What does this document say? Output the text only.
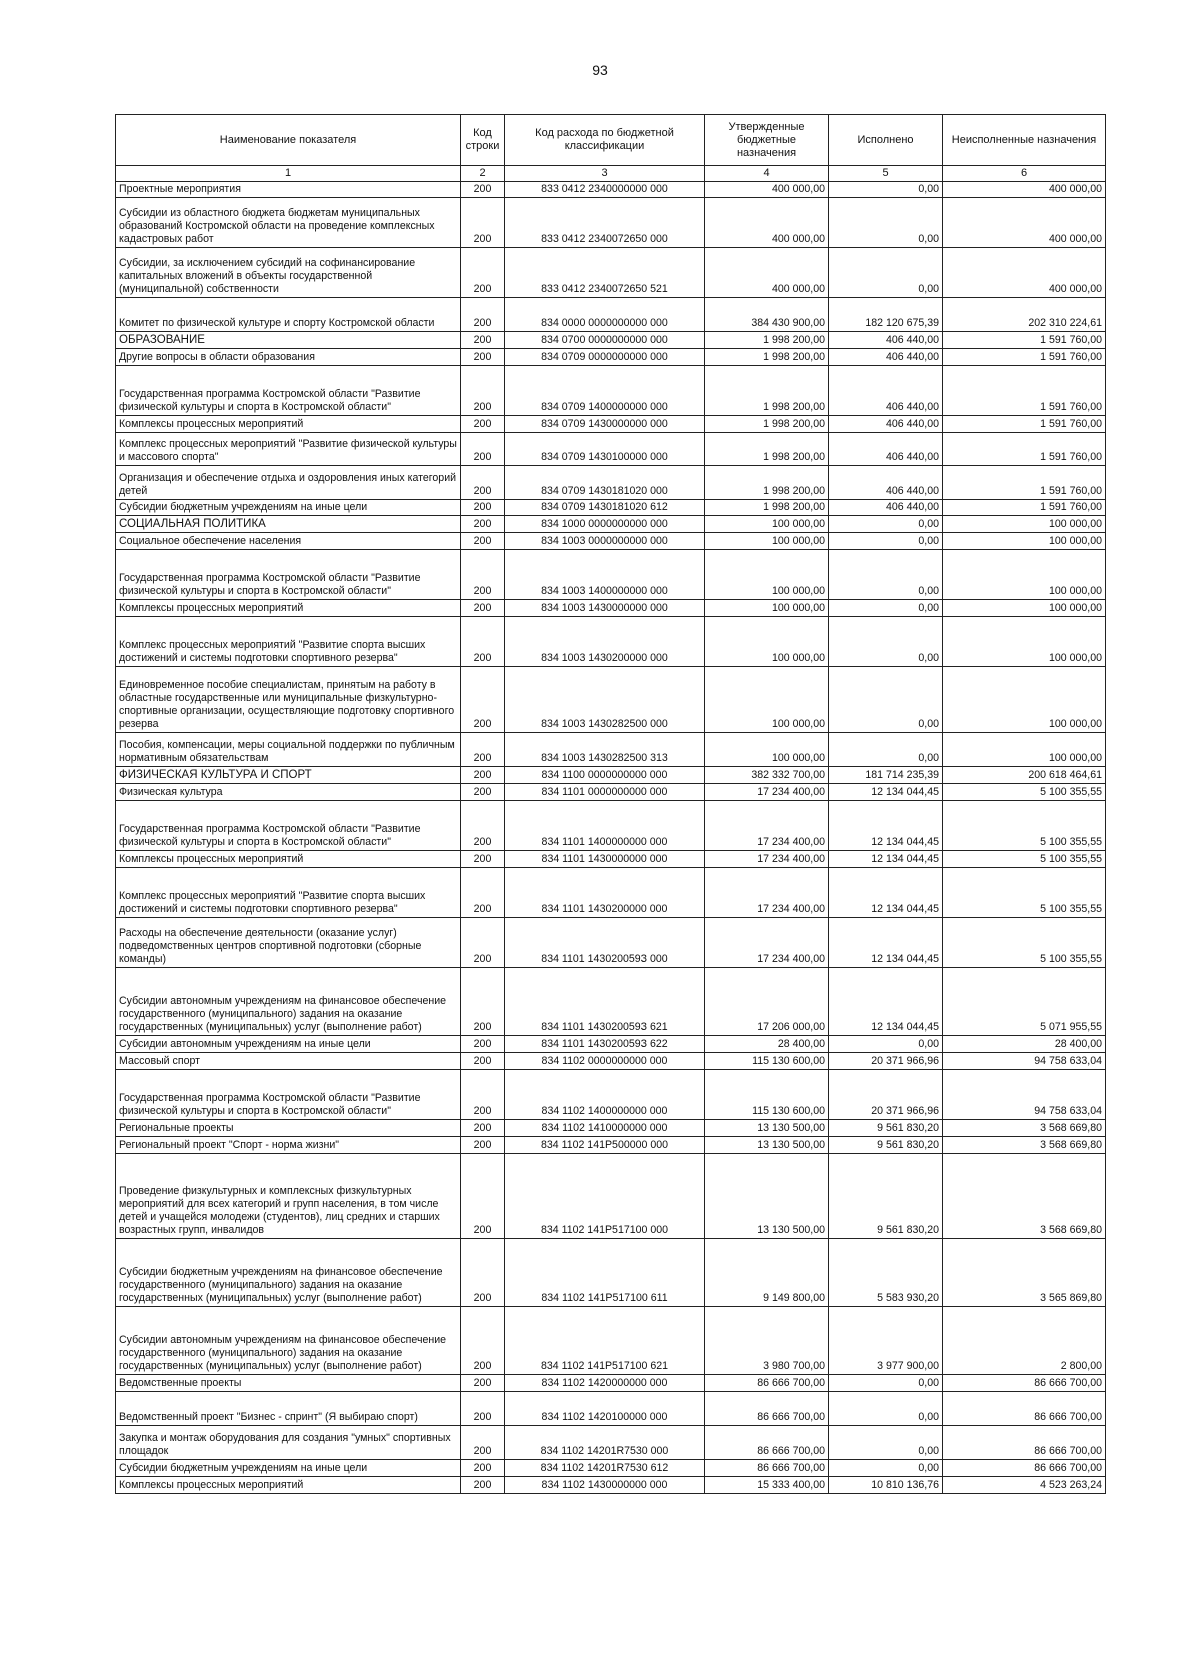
93
Наименование показателя	Код строки	Код расхода по бюджетной классификации	Утвержденные бюджетные назначения	Исполнено	Неисполненные назначения
1	2	3	4	5	6
Проектные мероприятия	200	833 0412 2340000000 000	400 000,00	0,00	400 000,00
Субсидии из областного бюджета бюджетам муниципальных образований Костромской области на проведение комплексных кадастровых работ	200	833 0412 2340072650 000	400 000,00	0,00	400 000,00
Субсидии, за исключением субсидий на софинансирование капитальных вложений в объекты государственной (муниципальной) собственности	200	833 0412 2340072650 521	400 000,00	0,00	400 000,00
Комитет по физической культуре и спорту Костромской области	200	834 0000 0000000000 000	384 430 900,00	182 120 675,39	202 310 224,61
ОБРАЗОВАНИЕ	200	834 0700 0000000000 000	1 998 200,00	406 440,00	1 591 760,00
Другие вопросы в области образования	200	834 0709 0000000000 000	1 998 200,00	406 440,00	1 591 760,00
Государственная программа Костромской области "Развитие физической культуры и спорта в Костромской области"	200	834 0709 1400000000 000	1 998 200,00	406 440,00	1 591 760,00
Комплексы процессных мероприятий	200	834 0709 1430000000 000	1 998 200,00	406 440,00	1 591 760,00
Комплекс процессных мероприятий "Развитие физической культуры и массового спорта"	200	834 0709 1430100000 000	1 998 200,00	406 440,00	1 591 760,00
Организация и обеспечение отдыха и оздоровления иных категорий детей	200	834 0709 1430181020 000	1 998 200,00	406 440,00	1 591 760,00
Субсидии бюджетным учреждениям на иные цели	200	834 0709 1430181020 612	1 998 200,00	406 440,00	1 591 760,00
СОЦИАЛЬНАЯ ПОЛИТИКА	200	834 1000 0000000000 000	100 000,00	0,00	100 000,00
Социальное обеспечение населения	200	834 1003 0000000000 000	100 000,00	0,00	100 000,00
Государственная программа Костромской области "Развитие физической культуры и спорта в Костромской области"	200	834 1003 1400000000 000	100 000,00	0,00	100 000,00
Комплексы процессных мероприятий	200	834 1003 1430000000 000	100 000,00	0,00	100 000,00
Комплекс процессных мероприятий "Развитие спорта высших достижений и системы подготовки спортивного резерва"	200	834 1003 1430200000 000	100 000,00	0,00	100 000,00
Единовременное пособие специалистам, принятым на работу в областные государственные или муниципальные физкультурно-спортивные организации, осуществляющие подготовку спортивного резерва	200	834 1003 1430282500 000	100 000,00	0,00	100 000,00
Пособия, компенсации, меры социальной поддержки по публичным нормативным обязательствам	200	834 1003 1430282500 313	100 000,00	0,00	100 000,00
ФИЗИЧЕСКАЯ КУЛЬТУРА И СПОРТ	200	834 1100 0000000000 000	382 332 700,00	181 714 235,39	200 618 464,61
Физическая культура	200	834 1101 0000000000 000	17 234 400,00	12 134 044,45	5 100 355,55
Государственная программа Костромской области "Развитие физической культуры и спорта в Костромской области"	200	834 1101 1400000000 000	17 234 400,00	12 134 044,45	5 100 355,55
Комплексы процессных мероприятий	200	834 1101 1430000000 000	17 234 400,00	12 134 044,45	5 100 355,55
Комплекс процессных мероприятий "Развитие спорта высших достижений и системы подготовки спортивного резерва"	200	834 1101 1430200000 000	17 234 400,00	12 134 044,45	5 100 355,55
Расходы на обеспечение деятельности (оказание услуг) подведомственных центров спортивной подготовки (сборные команды)	200	834 1101 143020059З 000	17 234 400,00	12 134 044,45	5 100 355,55
Субсидии автономным учреждениям на финансовое обеспечение государственного (муниципального) задания на оказание государственных (муниципальных) услуг (выполнение работ)	200	834 1101 143020059З 621	17 206 000,00	12 134 044,45	5 071 955,55
Субсидии автономным учреждениям на иные цели	200	834 1101 143020059З 622	28 400,00	0,00	28 400,00
Массовый спорт	200	834 1102 0000000000 000	115 130 600,00	20 371 966,96	94 758 633,04
Государственная программа Костромской области "Развитие физической культуры и спорта в Костромской области"	200	834 1102 1400000000 000	115 130 600,00	20 371 966,96	94 758 633,04
Региональные проекты	200	834 1102 1410000000 000	13 130 500,00	9 561 830,20	3 568 669,80
Региональный проект "Спорт - норма жизни"	200	834 1102 141P500000 000	13 130 500,00	9 561 830,20	3 568 669,80
Проведение физкультурных и комплексных физкультурных мероприятий для всех категорий и групп населения, в том числе детей и учащейся молодежи (студентов), лиц средних и старших возрастных групп, инвалидов	200	834 1102 141P517100 000	13 130 500,00	9 561 830,20	3 568 669,80
Субсидии бюджетным учреждениям на финансовое обеспечение государственного (муниципального) задания на оказание государственных (муниципальных) услуг (выполнение работ)	200	834 1102 141P517100 611	9 149 800,00	5 583 930,20	3 565 869,80
Субсидии автономным учреждениям на финансовое обеспечение государственного (муниципального) задания на оказание государственных (муниципальных) услуг (выполнение работ)	200	834 1102 141P517100 621	3 980 700,00	3 977 900,00	2 800,00
Ведомственные проекты	200	834 1102 1420000000 000	86 666 700,00	0,00	86 666 700,00
Ведомственный проект "Бизнес - спринт" (Я выбираю спорт)	200	834 1102 1420100000 000	86 666 700,00	0,00	86 666 700,00
Закупка и монтаж оборудования для создания "умных" спортивных площадок	200	834 1102 14201R7530 000	86 666 700,00	0,00	86 666 700,00
Субсидии бюджетным учреждениям на иные цели	200	834 1102 14201R7530 612	86 666 700,00	0,00	86 666 700,00
Комплексы процессных мероприятий	200	834 1102 1430000000 000	15 333 400,00	10 810 136,76	4 523 263,24
